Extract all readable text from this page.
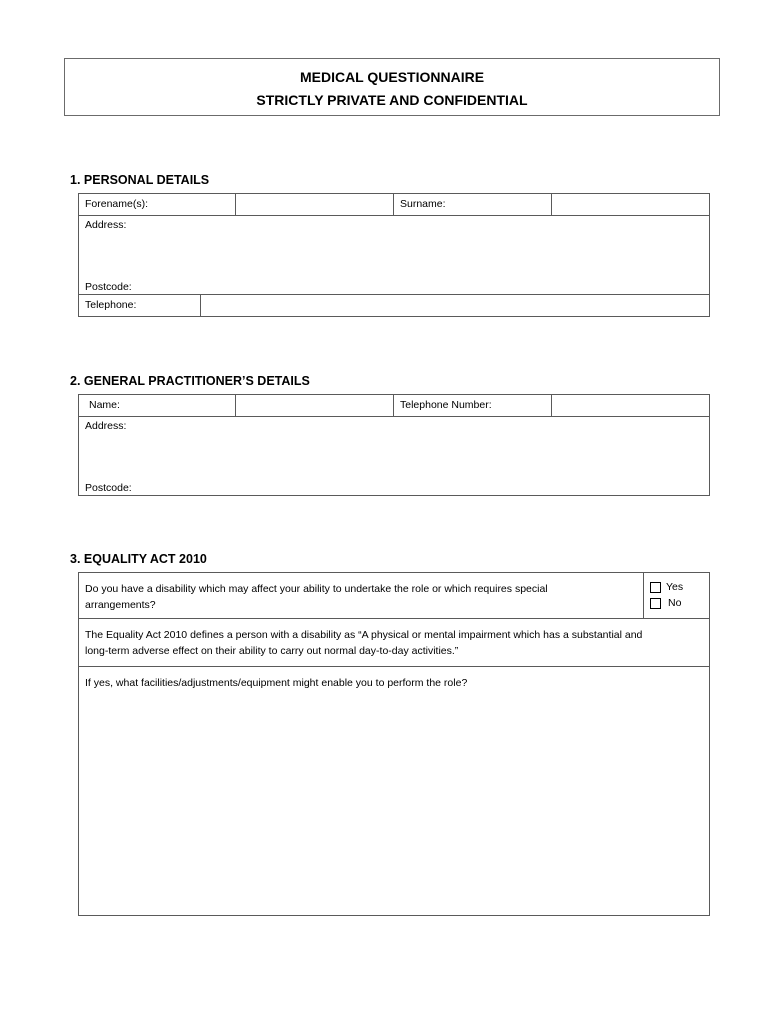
MEDICAL QUESTIONNAIRE
STRICTLY PRIVATE AND CONFIDENTIAL
1. PERSONAL DETAILS
Forename(s):	Surname:
Address:
Postcode:
Telephone:
2. GENERAL PRACTITIONER’S DETAILS
Name:	Telephone Number:
Address:
Postcode:
3. EQUALITY ACT 2010
Do you have a disability which may affect your ability to undertake the role or which requires special
arrangements?
Yes
No
The Equality Act 2010 defines a person with a disability as “A physical or mental impairment which has a substantial and
long-term adverse effect on their ability to carry out normal day-to-day activities.”
If yes, what facilities/adjustments/equipment might enable you to perform the role?
